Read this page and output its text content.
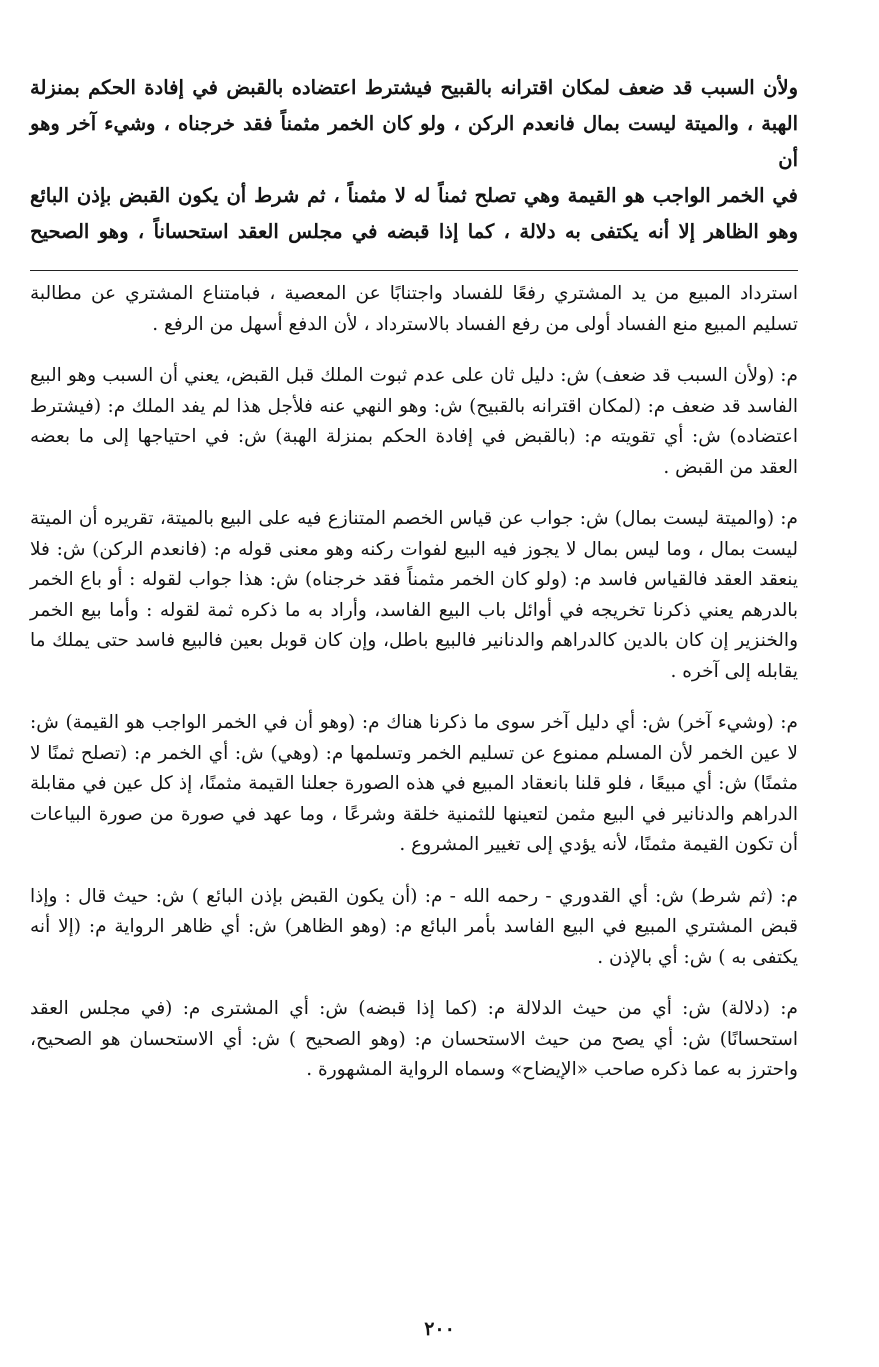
ولأن السبب قد ضعف لمكان اقترانه بالقبيح فيشترط اعتضاده بالقبض في إفادة الحكم بمنزلة

الهبة ، والميتة ليست بمال فانعدم الركن ، ولو كان الخمر مثمناً فقد خرجناه ، وشيء آخر وهو أن

في الخمر الواجب هو القيمة وهي تصلح ثمناً له لا مثمناً ، ثم شرط أن يكون القبض بإذن البائع

وهو الظاهر إلا أنه يكتفى به دلالة ، كما إذا قبضه في مجلس العقد استحساناً ، وهو الصحيح

استرداد المبيع من يد المشتري رفعًا للفساد واجتنابًا عن المعصية ، فبامتناع المشتري عن مطالبة تسليم المبيع منع الفساد أولى من رفع الفساد بالاسترداد ، لأن الدفع أسهل من الرفع .

م: (ولأن السبب قد ضعف) ش: دليل ثان على عدم ثبوت الملك قبل القبض، يعني أن السبب وهو البيع الفاسد قد ضعف م: (لمكان اقترانه بالقبيح) ش: وهو النهي عنه فلأجل هذا لم يفد الملك م: (فيشترط اعتضاده) ش: أي تقويته م: (بالقبض في إفادة الحكم بمنزلة الهبة) ش: في احتياجها إلى ما بعضه العقد من القبض .

م: (والميتة ليست بمال) ش: جواب عن قياس الخصم المتنازع فيه على البيع بالميتة، تقريره أن الميتة ليست بمال ، وما ليس بمال لا يجوز فيه البيع لفوات ركنه وهو معنى قوله م: (فانعدم الركن) ش: فلا ينعقد العقد فالقياس فاسد م: (ولو كان الخمر مثمناً فقد خرجناه) ش: هذا جواب لقوله : أو باع الخمر بالدرهم يعني ذكرنا تخريجه في أوائل باب البيع الفاسد، وأراد به ما ذكره ثمة لقوله : وأما بيع الخمر والخنزير إن كان بالدين كالدراهم والدنانير فالبيع باطل، وإن كان قوبل بعين فالبيع فاسد حتى يملك ما يقابله إلى آخره .

م: (وشيء آخر) ش: أي دليل آخر سوى ما ذكرنا هناك م: (وهو أن في الخمر الواجب هو القيمة) ش: لا عين الخمر لأن المسلم ممنوع عن تسليم الخمر وتسلمها م: (وهي) ش: أي الخمر م: (تصلح ثمنًا لا مثمنًا) ش: أي مبيعًا ، فلو قلنا بانعقاد المبيع في هذه الصورة جعلنا القيمة مثمنًا، إذ كل عين في مقابلة الدراهم والدنانير في البيع مثمن لتعينها للثمنية خلقة وشرعًا ، وما عهد في صورة من صورة البياعات أن تكون القيمة مثمنًا، لأنه يؤدي إلى تغيير المشروع .

م: (ثم شرط) ش: أي القدوري - رحمه الله - م: (أن يكون القبض بإذن البائع ) ش: حيث قال : وإذا قبض المشتري المبيع في البيع الفاسد بأمر البائع م: (وهو الظاهر) ش: أي ظاهر الرواية م: (إلا أنه يكتفى به ) ش: أي بالإذن .

م: (دلالة) ش: أي من حيث الدلالة م: (كما إذا قبضه) ش: أي المشترى م: (في مجلس العقد استحسانًا) ش: أي يصح من حيث الاستحسان م: (وهو الصحيح ) ش: أي الاستحسان هو الصحيح، واحترز به عما ذكره صاحب «الإيضاح» وسماه الرواية المشهورة .

٢٠٠
